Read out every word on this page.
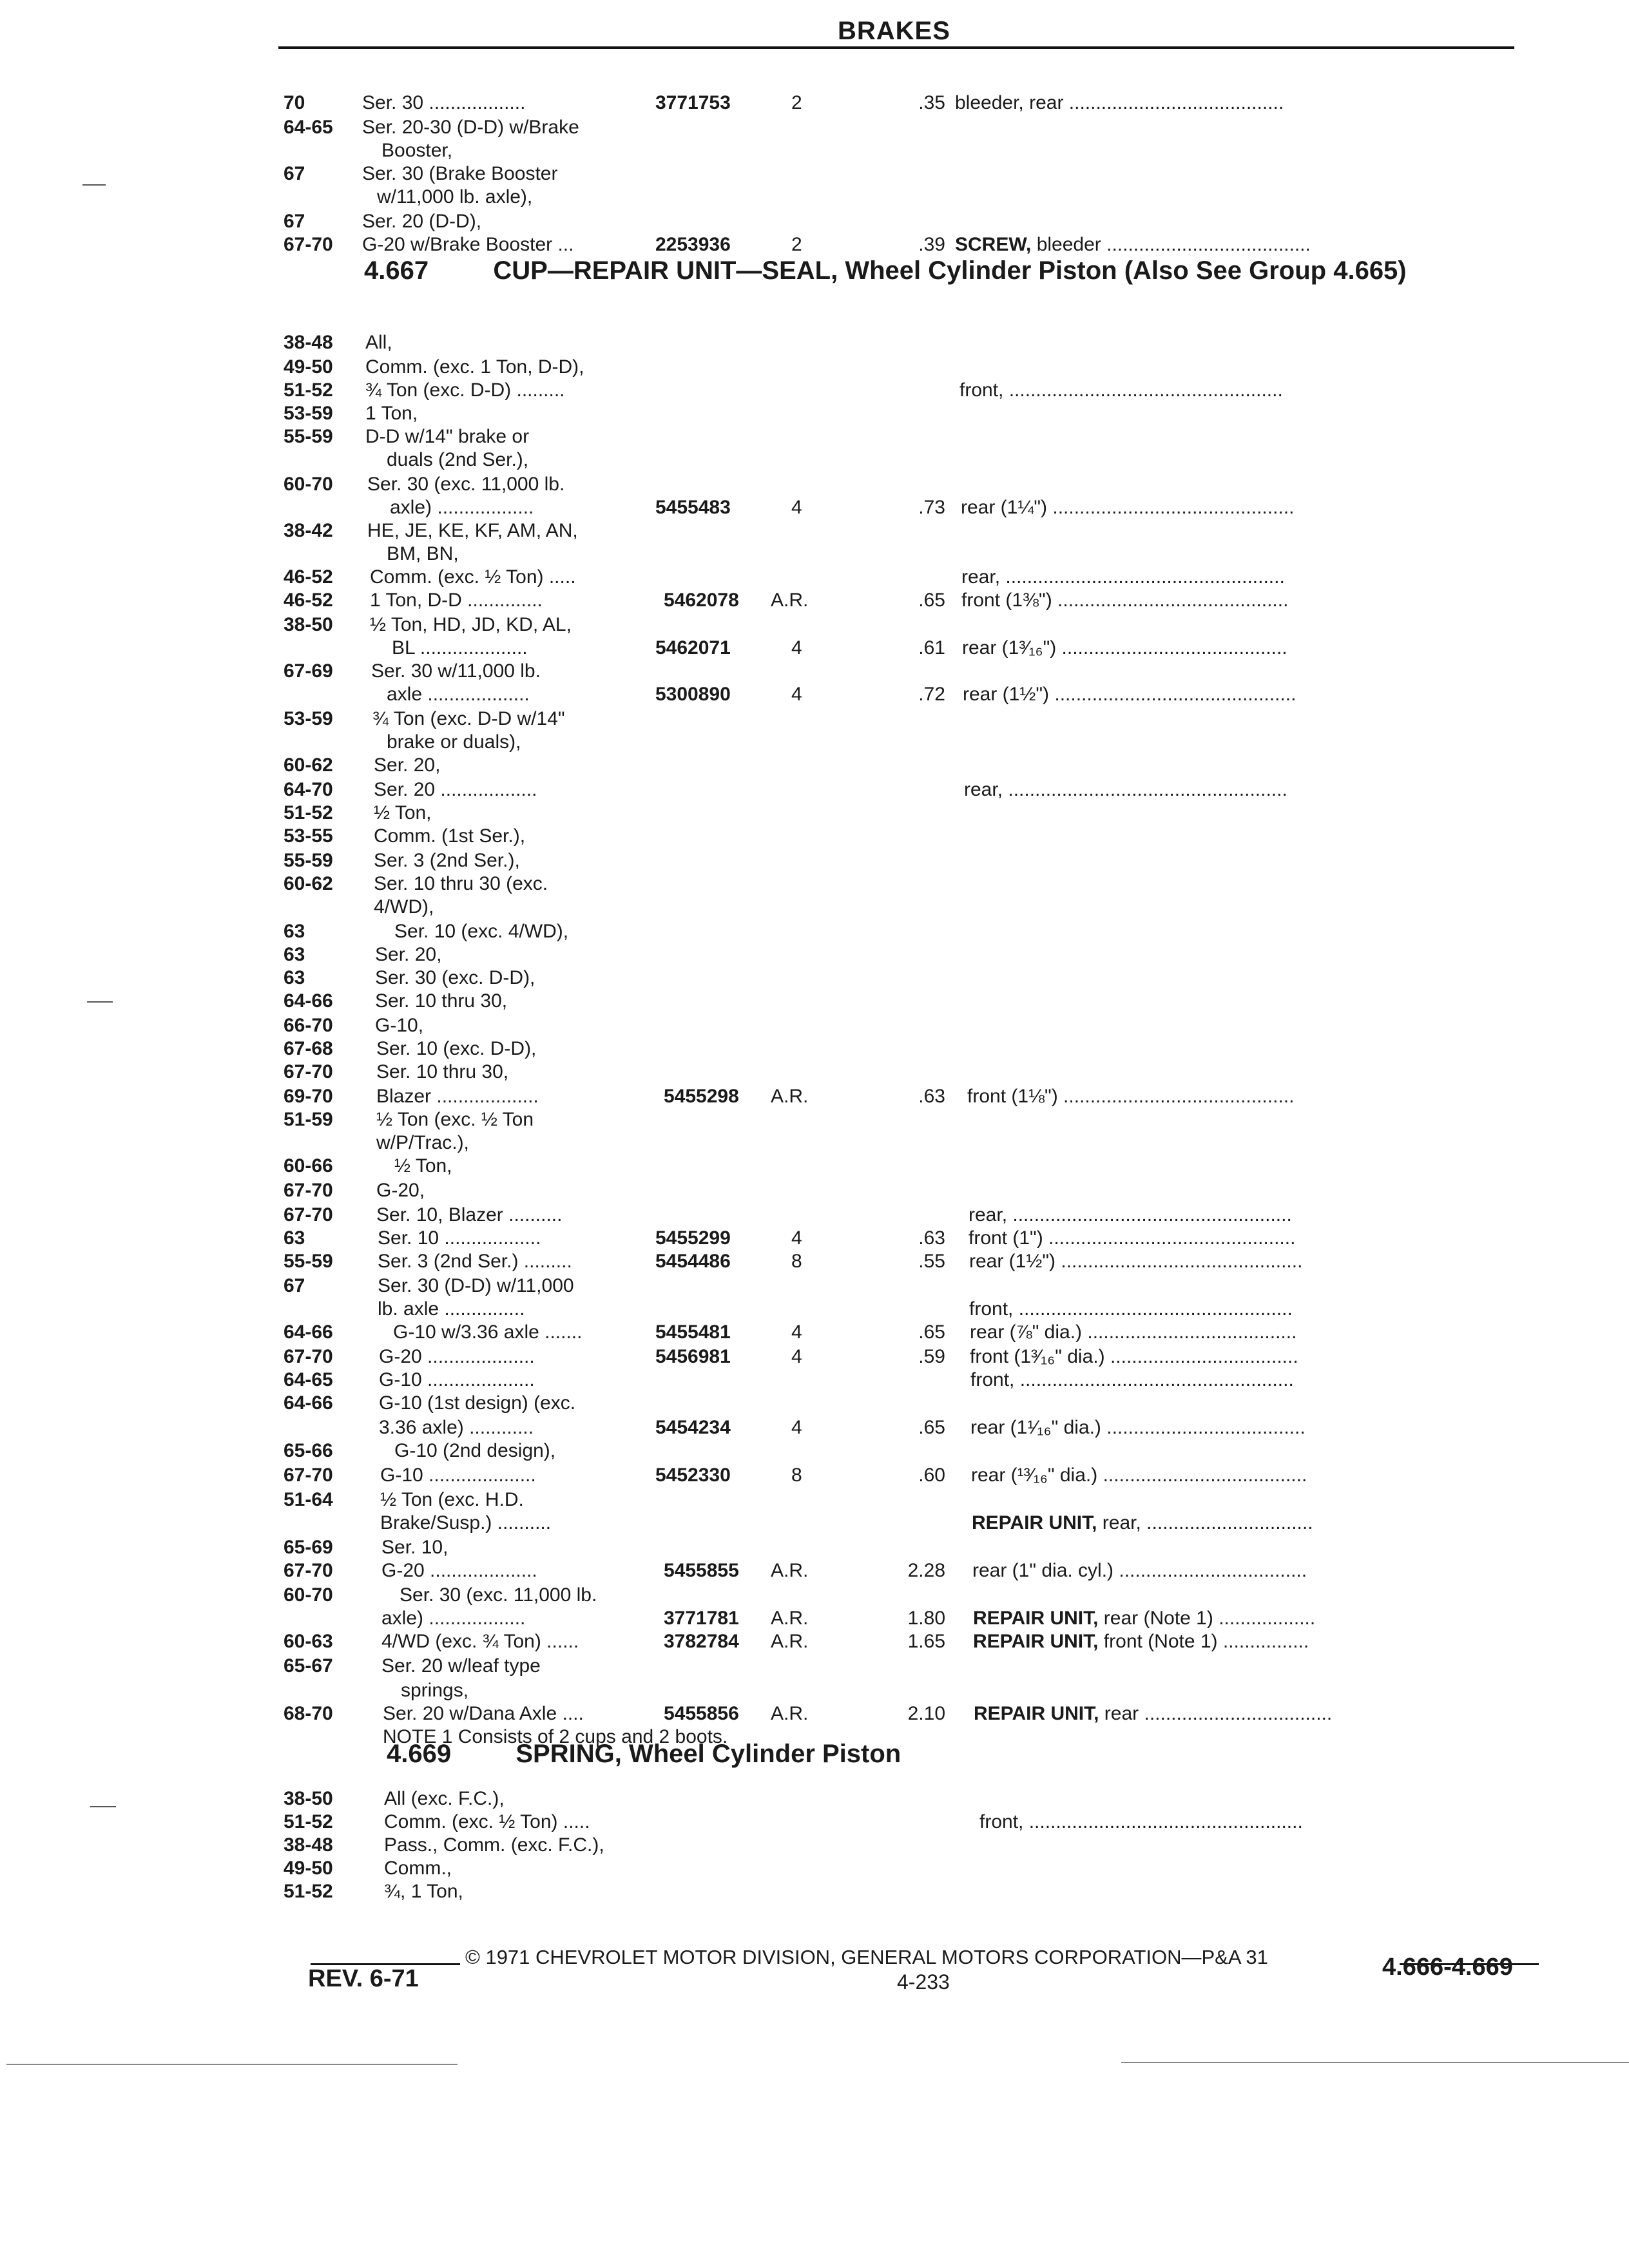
BRAKES
4.667	CUP—REPAIR UNIT—SEAL, Wheel Cylinder Piston (Also See Group 4.665)
4.669	SPRING, Wheel Cylinder Piston
70	Ser. 30 ..................	3771753	2	.35 bleeder, rear ........................................
64-65 Ser. 20-30 (D-D) w/Brake
Booster,
67	Ser. 30 (Brake Booster
w/11,000 lb. axle),
67	Ser. 20 (D-D),
67-70 G-20 w/Brake Booster ...	2253936	2	.39 SCREW, bleeder ......................................
38-48 All,
49-50 Comm. (exc. 1 Ton, D-D),
51-52 ¾ Ton (exc. D-D) .........	front, ...................................................
53-59 1 Ton,
55-59 D-D w/14" brake or
duals (2nd Ser.),
60-70 Ser. 30 (exc. 11,000 lb.
axle) ..................	5455483	4	.73 rear (1¼") .............................................
38-42 HE, JE, KE, KF, AM, AN,
BM, BN,
46-52 Comm. (exc. ½ Ton) .....	rear, ....................................................
46-52 1 Ton, D-D ..............	5462078 A.R.	.65 front (1⅜") ...........................................
38-50 ½ Ton, HD, JD, KD, AL,
BL ....................	5462071	4	.61 rear (1³⁄₁₆") ..........................................
67-69 Ser. 30 w/11,000 lb.
axle ...................	5300890	4	.72 rear (1½") .............................................
53-59 ¾ Ton (exc. D-D w/14"
brake or duals),
60-62 Ser. 20,
64-70 Ser. 20 ..................	rear, ....................................................
51-52 ½ Ton,
53-55 Comm. (1st Ser.),
55-59 Ser. 3 (2nd Ser.),
60-62 Ser. 10 thru 30 (exc.
4/WD),
63	Ser. 10 (exc. 4/WD),
63	Ser. 20,
63	Ser. 30 (exc. D-D),
64-66 Ser. 10 thru 30,
66-70 G-10,
67-68 Ser. 10 (exc. D-D),
67-70 Ser. 10 thru 30,
69-70 Blazer ...................	5455298 A.R.	.63 front (1⅛") ...........................................
51-59 ½ Ton (exc. ½ Ton
w/P/Trac.),
60-66	½ Ton,
67-70 G-20,
67-70 Ser. 10, Blazer ..........	rear, ....................................................
63	Ser. 10 ..................	5455299	4	.63 front (1") ..............................................
55-59 Ser. 3 (2nd Ser.) .........	5454486	8	.55 rear (1½") .............................................
67	Ser. 30 (D-D) w/11,000
lb. axle ...............	front, ...................................................
64-66	G-10 w/3.36 axle .......	5455481	4	.65 rear (⅞" dia.) .......................................
67-70 G-20 ....................	5456981	4	.59 front (1³⁄₁₆" dia.) ...................................
64-65 G-10 ....................	front, ...................................................
64-66 G-10 (1st design) (exc.
3.36 axle) ............	5454234	4	.65 rear (1¹⁄₁₆" dia.) .....................................
65-66	G-10 (2nd design),
67-70 G-10 ....................	5452330	8	.60 rear (¹³⁄₁₆" dia.) ......................................
51-64 ½ Ton (exc. H.D.
Brake/Susp.) ..........	REPAIR UNIT, rear, ...............................
65-69	Ser. 10,
67-70	G-20 ....................	5455855 A.R.	2.28 rear (1" dia. cyl.) ...................................
60-70	Ser. 30 (exc. 11,000 lb.
axle) ..................	3771781 A.R.	1.80 REPAIR UNIT, rear (Note 1) ..................
60-63	4/WD (exc. ¾ Ton) ......	3782784 A.R.	1.65 REPAIR UNIT, front (Note 1) ................
65-67	Ser. 20 w/leaf type
springs,
68-70	Ser. 20 w/Dana Axle ....	5455856 A.R.	2.10 REPAIR UNIT, rear ...................................
NOTE 1 Consists of 2 cups and 2 boots.
38-50	All (exc. F.C.),
51-52	Comm. (exc. ½ Ton) .....	front, ...................................................
38-48	Pass., Comm. (exc. F.C.),
49-50	Comm.,
51-52	¾, 1 Ton,
© 1971 CHEVROLET MOTOR DIVISION, GENERAL MOTORS CORPORATION—P&A 31
REV. 6-71	4-233
4.666-4.669
